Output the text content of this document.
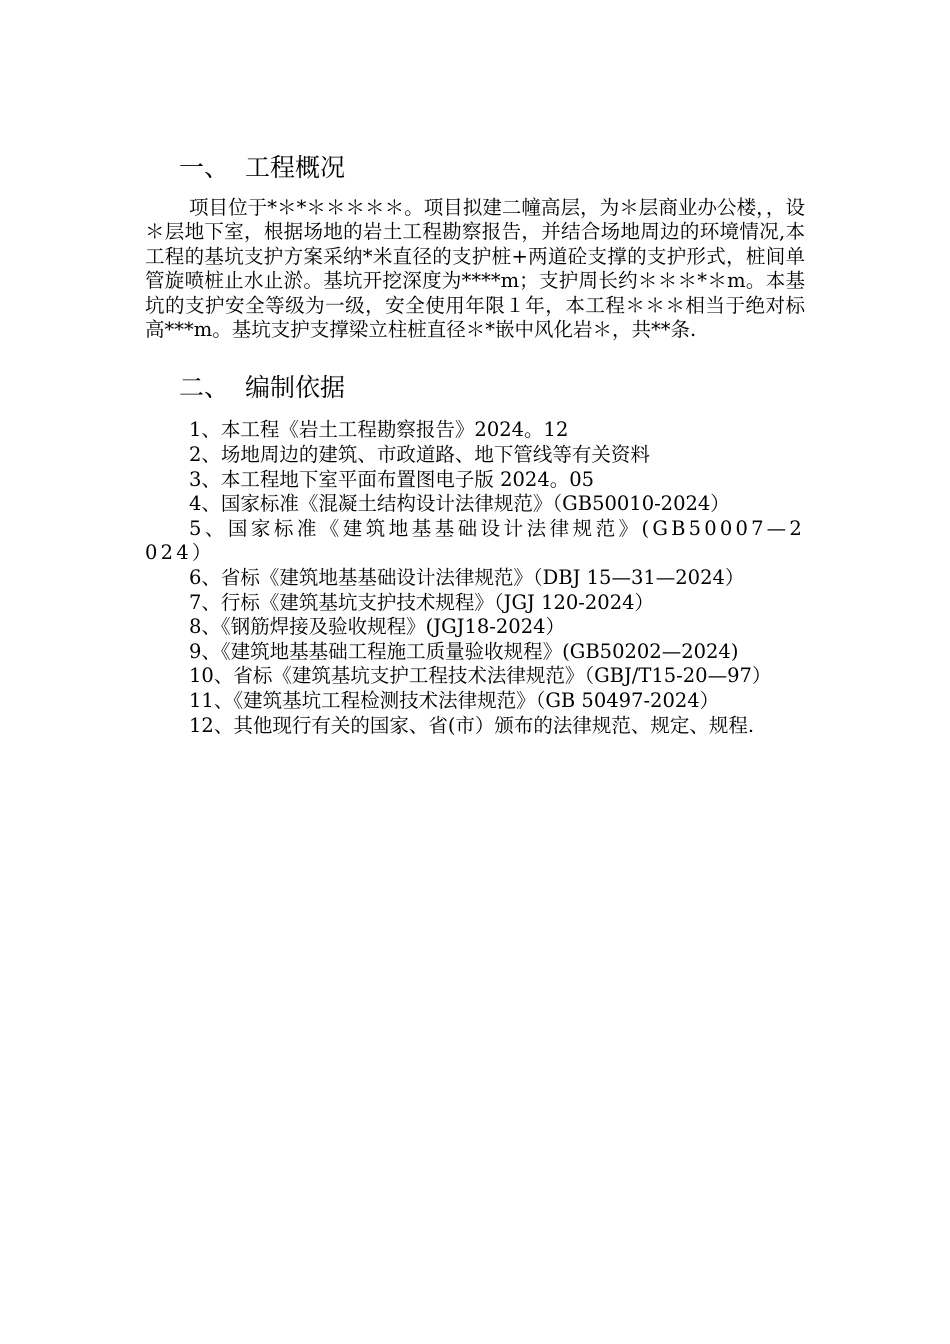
一、 工程概况

项目位于*＊*＊＊＊＊＊。项目拟建二幢高层，为＊层商业办公楼，，设＊层地下室，根据场地的岩土工程勘察报告，并结合场地周边的环境情况,本工程的基坑支护方案采纳*米直径的支护桩+两道砼支撑的支护形式，桩间单管旋喷桩止水止淤。基坑开挖深度为****m；支护周长约＊＊＊*＊m。本基坑的支护安全等级为一级，安全使用年限１年，本工程＊＊＊相当于绝对标高***m。基坑支护支撑梁立柱桩直径＊*嵌中风化岩＊，共**条.

二、 编制依据
1、本工程《岩土工程勘察报告》2024。12
2、场地周边的建筑、市政道路、地下管线等有关资料
3、本工程地下室平面布置图电子版 2024。05
4、国家标准《混凝土结构设计法律规范》（GB50010-2024）
5、国家标准《建筑地基基础设计法律规范》(GB50007—2024）
6、省标《建筑地基基础设计法律规范》（DBJ 15—31—2024）
7、行标《建筑基坑支护技术规程》（JGJ 120-2024）
8、《钢筋焊接及验收规程》(JGJ18-2024）
9、《建筑地基基础工程施工质量验收规程》(GB50202—2024)
10、省标《建筑基坑支护工程技术法律规范》（GBJ/T15-20—97）
11、《建筑基坑工程检测技术法律规范》（GB 50497-2024）
12、其他现行有关的国家、省(市）颁布的法律规范、规定、规程.
